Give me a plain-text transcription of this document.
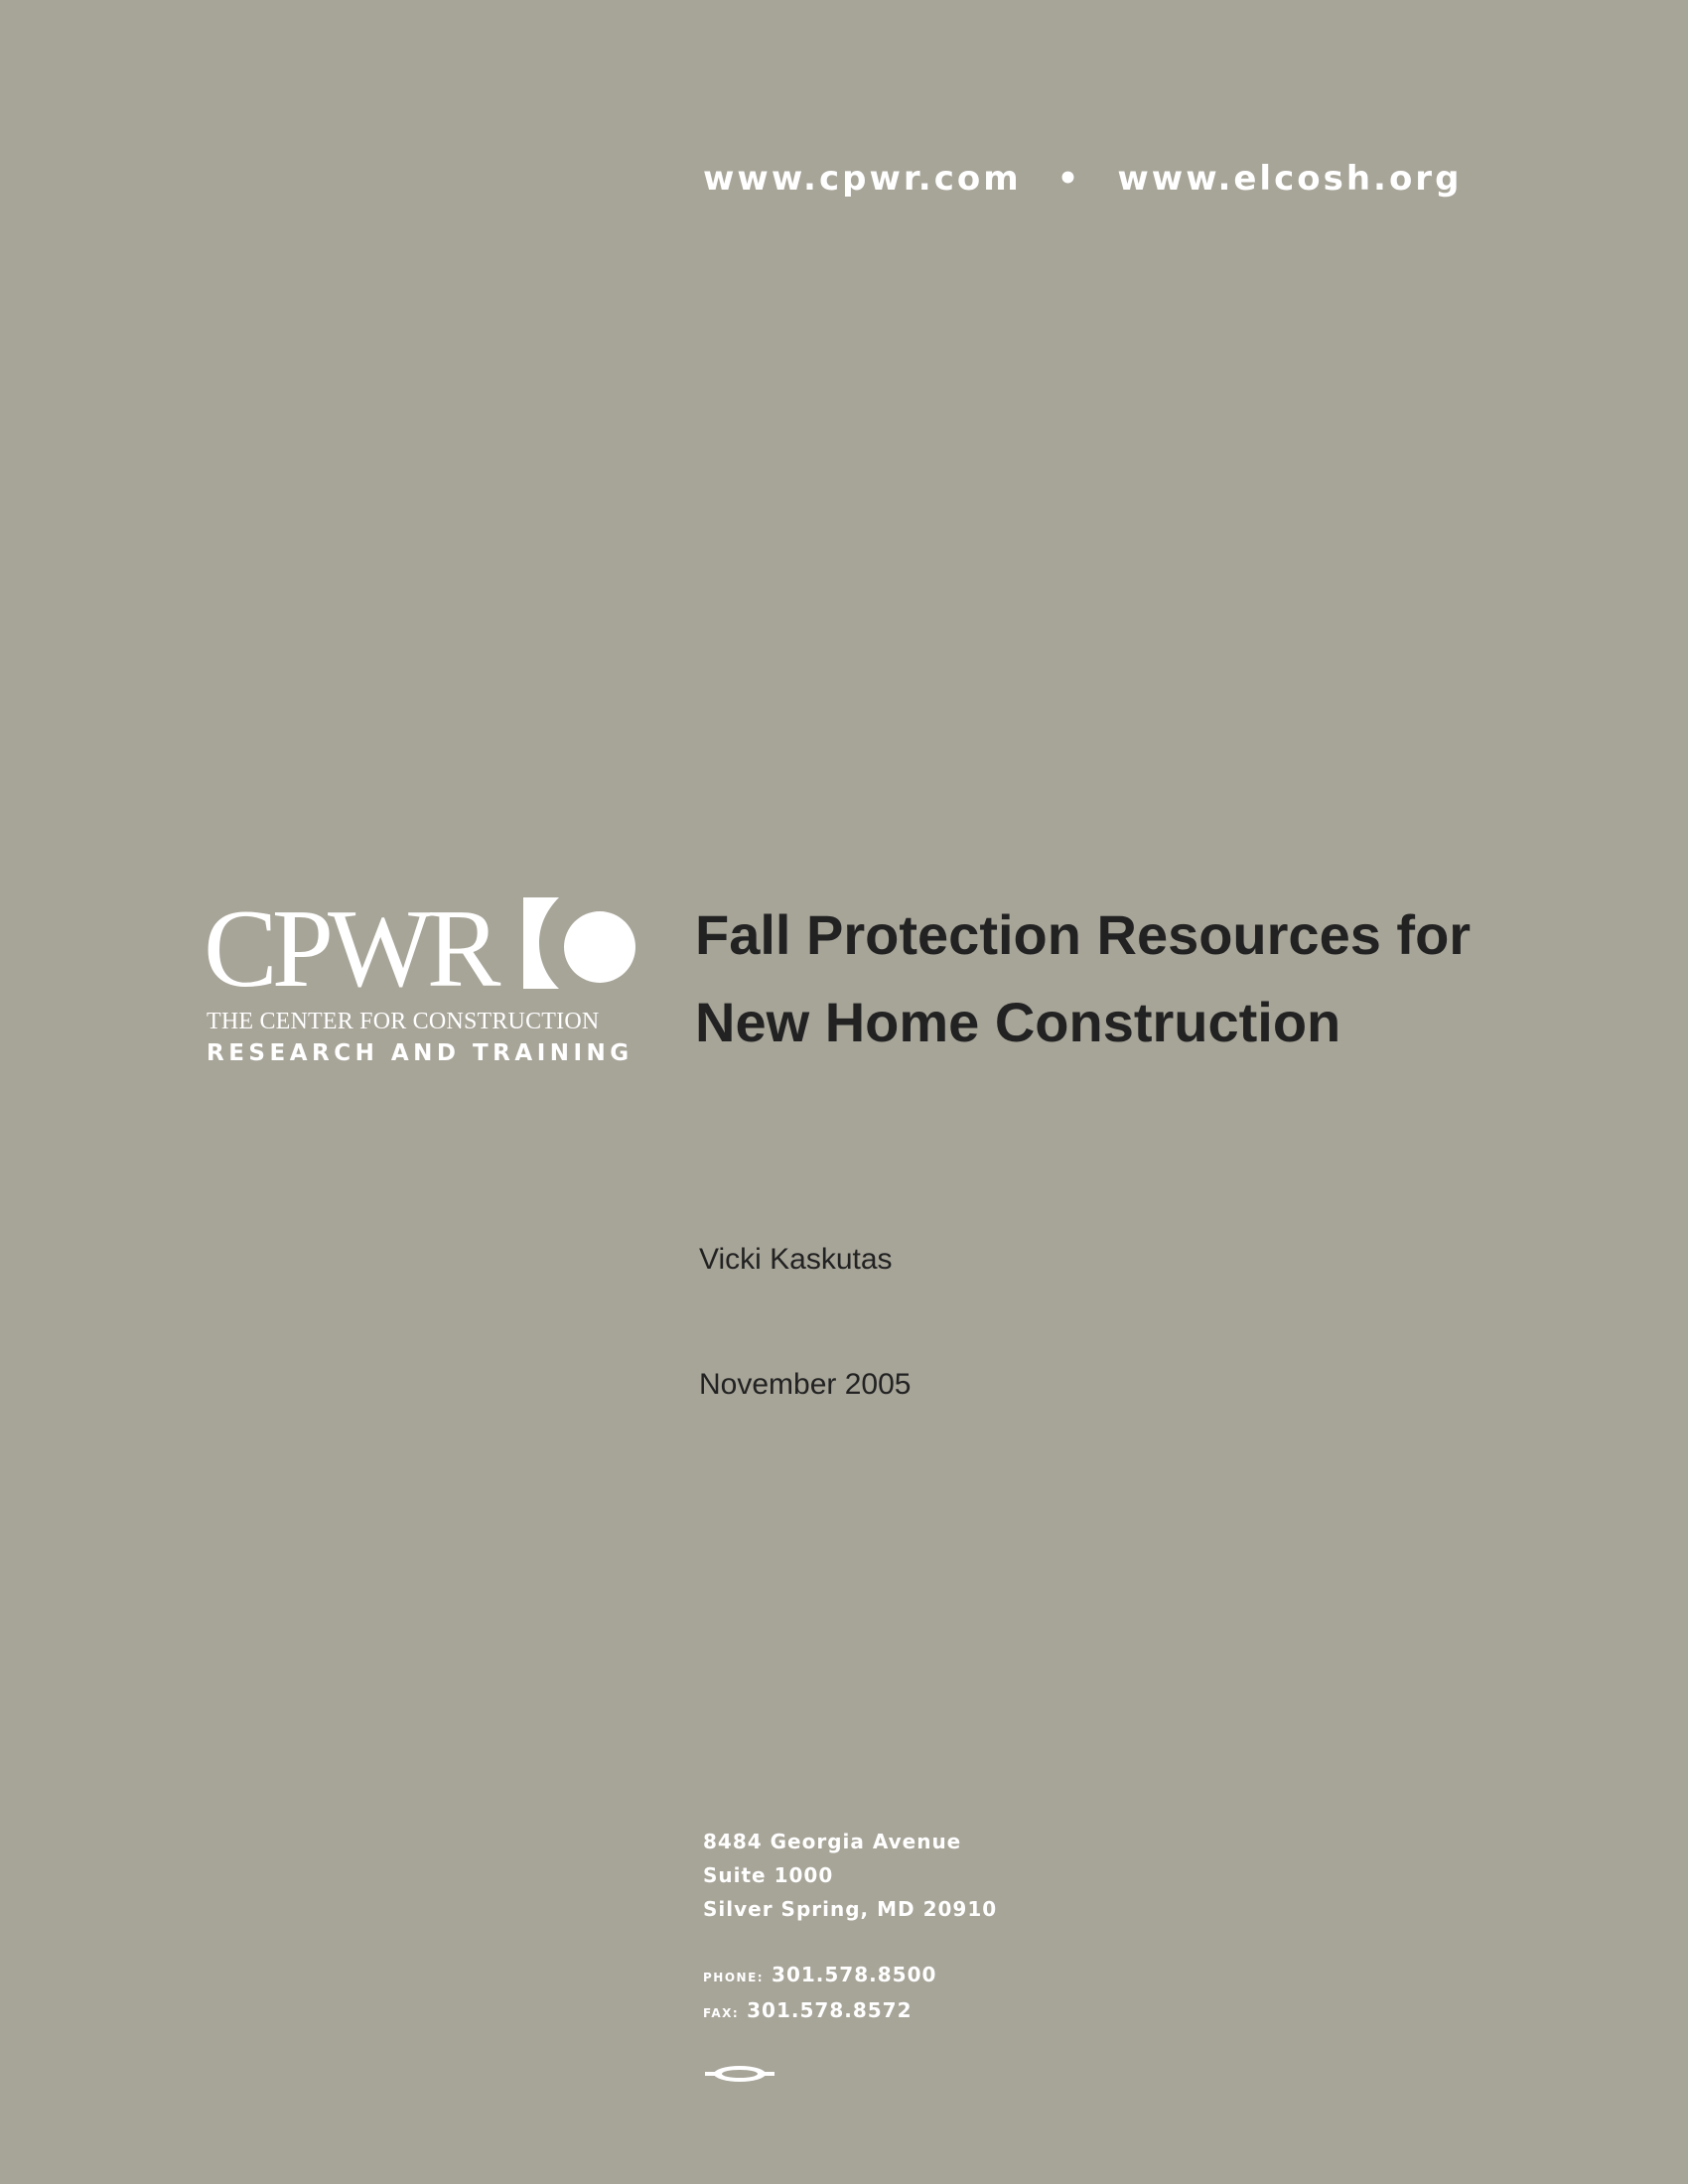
www.cpwr.com • www.elcosh.org
CPWR
THE CENTER FOR CONSTRUCTION
RESEARCH AND TRAINING
Fall Protection Resources for
New Home Construction
Vicki Kaskutas
November 2005
8484 Georgia Avenue
Suite 1000
Silver Spring, MD 20910
PHONE: 301.578.8500
FAX: 301.578.8572
